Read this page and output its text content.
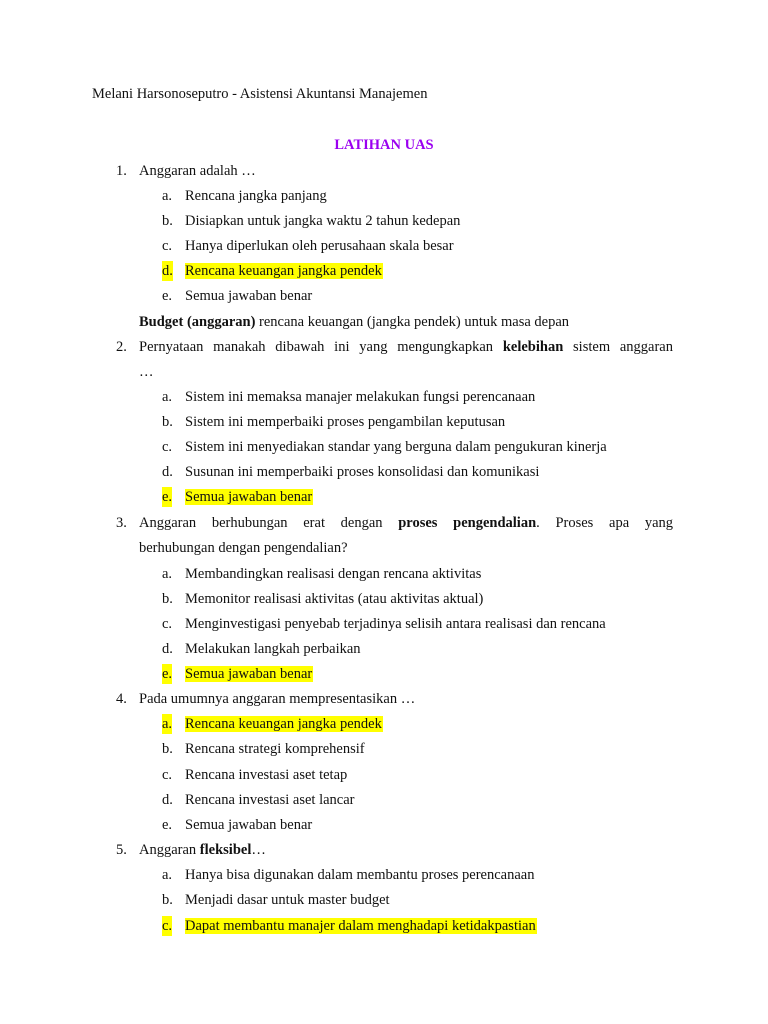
Melani Harsonoseputro - Asistensi Akuntansi Manajemen
LATIHAN UAS
1. Anggaran adalah …
a. Rencana jangka panjang
b. Disiapkan untuk jangka waktu 2 tahun kedepan
c. Hanya diperlukan oleh perusahaan skala besar
d. Rencana keuangan jangka pendek
e. Semua jawaban benar
Budget (anggaran) rencana keuangan (jangka pendek) untuk masa depan
2. Pernyataan manakah dibawah ini yang mengungkapkan kelebihan sistem anggaran
…
a. Sistem ini memaksa manajer melakukan fungsi perencanaan
b. Sistem ini memperbaiki proses pengambilan keputusan
c. Sistem ini menyediakan standar yang berguna dalam pengukuran kinerja
d. Susunan ini memperbaiki proses konsolidasi dan komunikasi
e. Semua jawaban benar
3. Anggaran berhubungan erat dengan proses pengendalian. Proses apa yang
berhubungan dengan pengendalian?
a. Membandingkan realisasi dengan rencana aktivitas
b. Memonitor realisasi aktivitas (atau aktivitas aktual)
c. Menginvestigasi penyebab terjadinya selisih antara realisasi dan rencana
d. Melakukan langkah perbaikan
e. Semua jawaban benar
4. Pada umumnya anggaran mempresentasikan …
a. Rencana keuangan jangka pendek
b. Rencana strategi komprehensif
c. Rencana investasi aset tetap
d. Rencana investasi aset lancar
e. Semua jawaban benar
5. Anggaran fleksibel…
a. Hanya bisa digunakan dalam membantu proses perencanaan
b. Menjadi dasar untuk master budget
c. Dapat membantu manajer dalam menghadapi ketidakpastian
